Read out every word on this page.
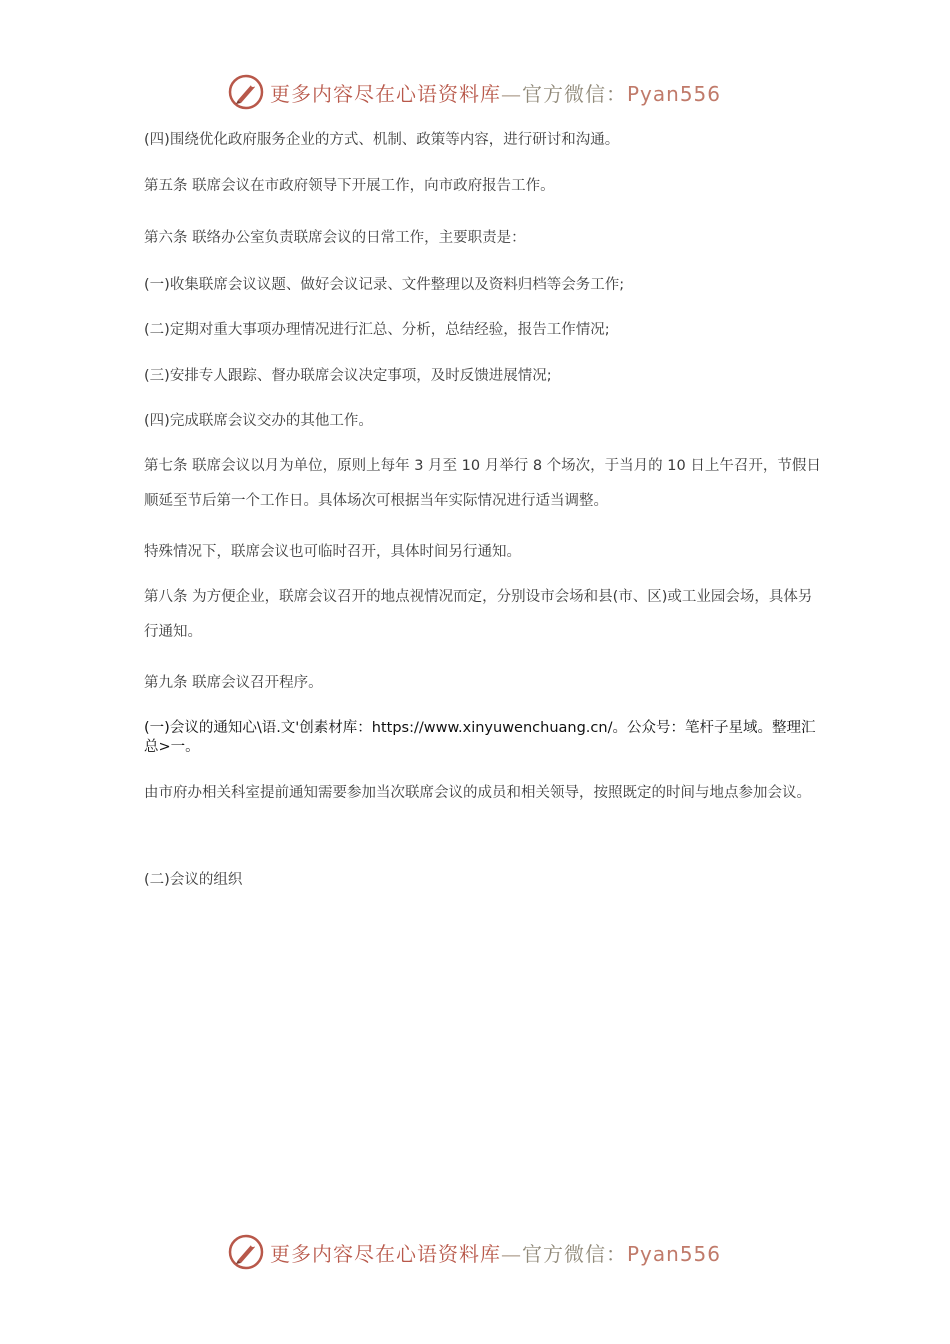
更多内容尽在心语资料库—官方微信：Pyan556
(四)围绕优化政府服务企业的方式、机制、政策等内容，进行研讨和沟通。
第五条 联席会议在市政府领导下开展工作，向市政府报告工作。
第六条 联络办公室负责联席会议的日常工作，主要职责是：
(一)收集联席会议议题、做好会议记录、文件整理以及资料归档等会务工作;
(二)定期对重大事项办理情况进行汇总、分析，总结经验，报告工作情况;
(三)安排专人跟踪、督办联席会议决定事项，及时反馈进展情况;
(四)完成联席会议交办的其他工作。
第七条 联席会议以月为单位，原则上每年 3 月至 10 月举行 8 个场次，于当月的 10 日上午召开，节假日顺延至节后第一个工作日。具体场次可根据当年实际情况进行适当调整。
特殊情况下，联席会议也可临时召开，具体时间另行通知。
第八条 为方便企业，联席会议召开的地点视情况而定，分别设市会场和县(市、区)或工业园会场，具体另行通知。
第九条 联席会议召开程序。
(一)会议的通知心\语.文'创素材库：https://www.xinyuwenchuang.cn/。公众号：笔杆子星域。整理汇总>一。
由市府办相关科室提前通知需要参加当次联席会议的成员和相关领导，按照既定的时间与地点参加会议。
(二)会议的组织
更多内容尽在心语资料库—官方微信：Pyan556
